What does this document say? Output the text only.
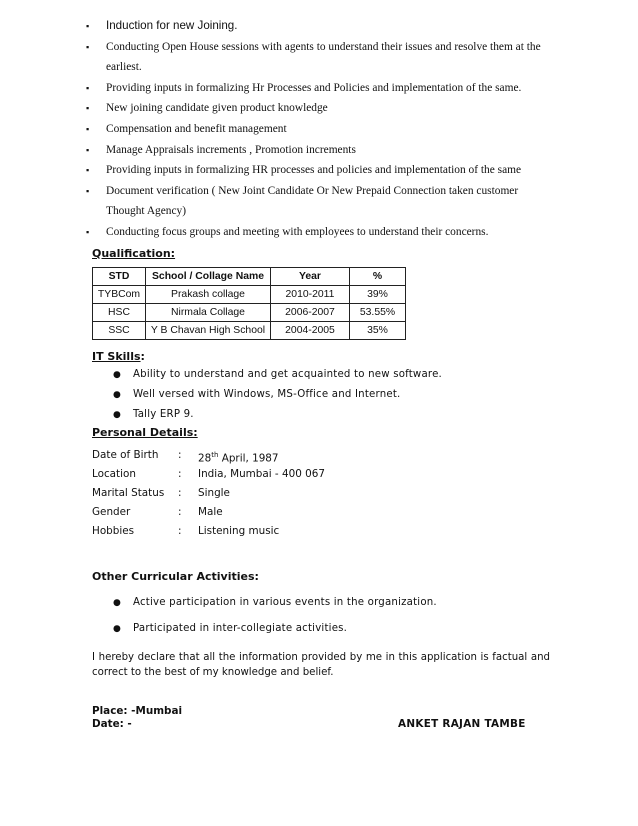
▪ Induction for new Joining.
▪ Conducting Open House sessions with agents to understand their issues and resolve them at the earliest.
▪ Providing inputs in formalizing Hr Processes and Policies and implementation of the same.
▪ New joining candidate given product knowledge
▪ Compensation and benefit management
▪ Manage Appraisals increments , Promotion increments
▪ Providing inputs in formalizing HR processes and policies and implementation of the same
▪ Document verification ( New Joint Candidate Or New Prepaid Connection taken customer Thought Agency)
▪ Conducting focus groups and meeting with employees to understand their concerns.
Qualification:
STD	School / Collage Name	Year	%
TYBCom	Prakash collage	2010-2011	39%
HSC	Nirmala Collage	2006-2007	53.55%
SSC	Y B Chavan High School	2004-2005	35%
IT Skills:
● Ability to understand and get acquainted to new software.
● Well versed with Windows, MS-Office and Internet.
● Tally ERP 9.
Personal Details:
Date of Birth	: 28th April, 1987
Location	: India, Mumbai - 400 067
Marital Status	: Single
Gender	: Male
Hobbies	: Listening music
Other Curricular Activities:
● Active participation in various events in the organization.
● Participated in inter-collegiate activities.
I hereby declare that all the information provided by me in this application is factual and correct to the best of my knowledge and belief.
Place: -Mumbai
Date: -	ANKET RAJAN TAMBE
